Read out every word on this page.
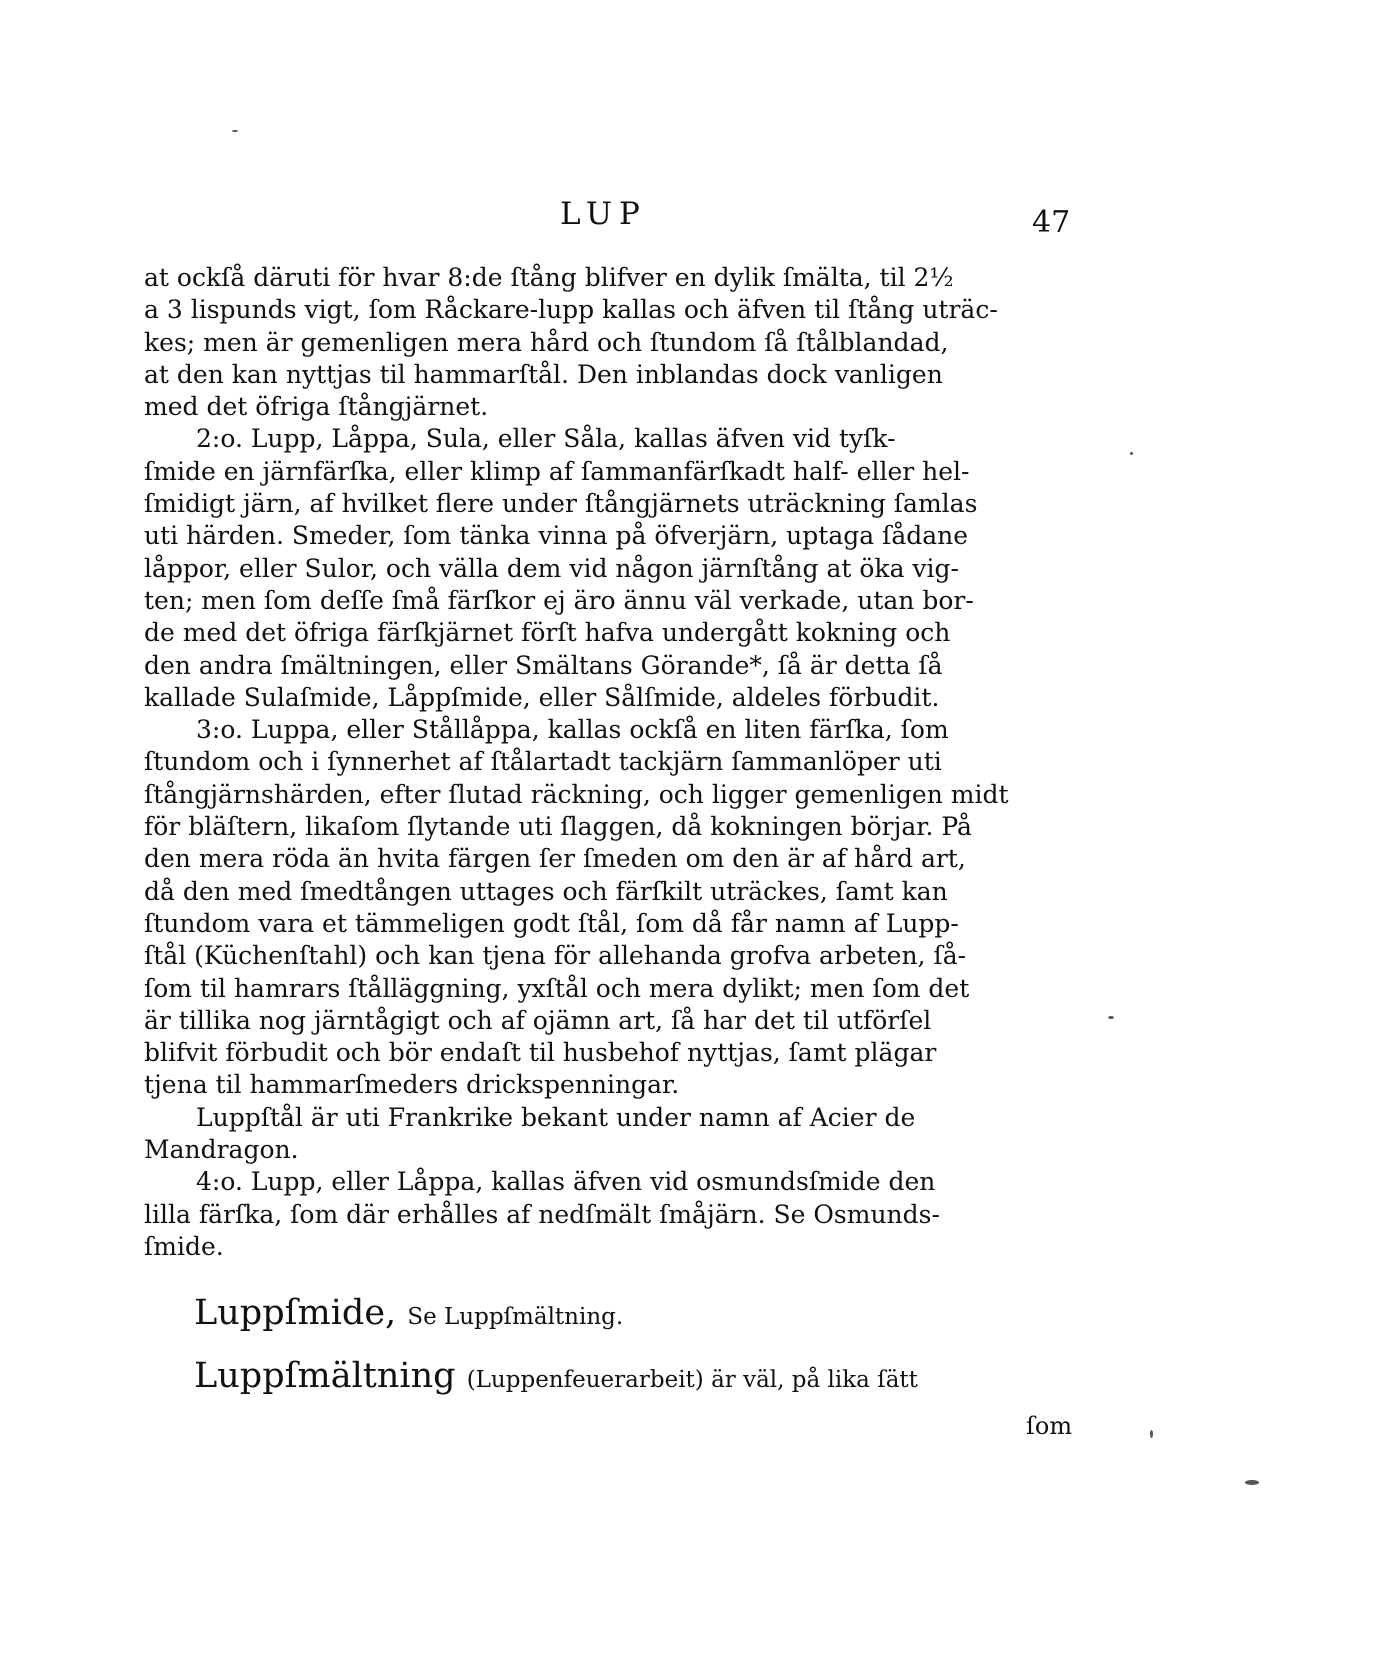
LUP	47
at ockſå däruti för hvar 8:de ſtång blifver en dylik ſmälta, til 2½
a 3 lispunds vigt, ſom Råckare-lupp kallas och äfven til ſtång uträc-
kes; men är gemenligen mera hård och ſtundom ſå ſtålblandad,
at den kan nyttjas til hammarſtål. Den inblandas dock vanligen
med det öfriga ſtångjärnet.
2:o. Lupp, Låppa, Sula, eller Såla, kallas äfven vid tyſk-
ſmide en järnfärſka, eller klimp af ſammanfärſkadt half- eller hel-
ſmidigt järn, af hvilket flere under ſtångjärnets uträckning ſamlas
uti härden. Smeder, ſom tänka vinna på öfverjärn, uptaga ſådane
låppor, eller Sulor, och välla dem vid någon järnſtång at öka vig-
ten; men ſom deſſe ſmå färſkor ej äro ännu väl verkade, utan bor-
de med det öfriga färſkjärnet förſt hafva undergått kokning och
den andra ſmältningen, eller Smältans Görande*, ſå är detta ſå
kallade Sulaſmide, Låppſmide, eller Sålſmide, aldeles förbudit.
3:o. Luppa, eller Stållåppa, kallas ockſå en liten färſka, ſom
ſtundom och i ſynnerhet af ſtålartadt tackjärn ſammanlöper uti
ſtångjärnshärden, efter ſlutad räckning, och ligger gemenligen midt
för bläſtern, likaſom ſlytande uti ſlaggen, då kokningen börjar. På
den mera röda än hvita färgen ſer ſmeden om den är af hård art,
då den med ſmedtången uttages och färſkilt uträckes, ſamt kan
ſtundom vara et tämmeligen godt ſtål, ſom då får namn af Lupp-
ſtål (Küchenſtahl) och kan tjena för allehanda grofva arbeten, ſå-
ſom til hamrars ſtålläggning, yxſtål och mera dylikt; men ſom det
är tillika nog järntågigt och af ojämn art, ſå har det til utförſel
blifvit förbudit och bör endaſt til husbehof nyttjas, ſamt plägar
tjena til hammarſmeders drickspenningar.
Luppſtål är uti Frankrike bekant under namn af Acier de
Mandragon.
4:o. Lupp, eller Låppa, kallas äfven vid osmundsſmide den
lilla färſka, ſom där erhålles af nedſmält ſmåjärn. Se Osmunds-
ſmide.
Luppſmide, Se Luppſmältning.
Luppſmältning (Luppenfeuerarbeit) är väl, på lika ſätt
ſom
